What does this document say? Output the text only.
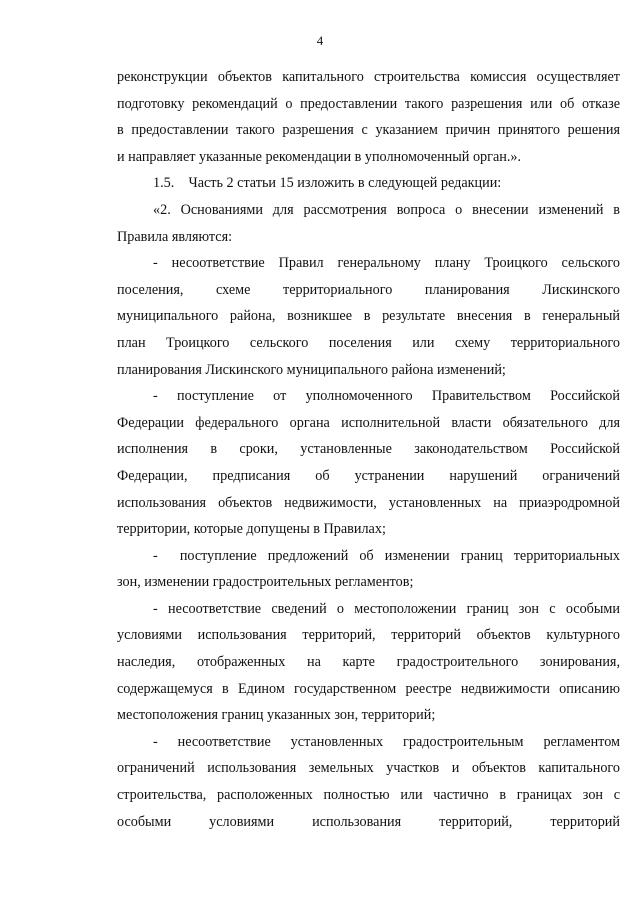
4
реконструкции объектов капитального строительства комиссия осуществляет
подготовку рекомендаций о предоставлении такого разрешения или об отказе
в предоставлении такого разрешения с указанием причин принятого решения
и направляет указанные рекомендации в уполномоченный орган.».
1.5.    Часть 2 статьи 15 изложить в следующей редакции:
«2. Основаниями для рассмотрения вопроса о внесении изменений в
Правила являются:
- несоответствие Правил генеральному плану Троицкого сельского
поселения, схеме территориального планирования Лискинского
муниципального района, возникшее в результате внесения в генеральный
план Троицкого сельского поселения или схему территориального
планирования Лискинского муниципального района изменений;
- поступление от уполномоченного Правительством Российской
Федерации федерального органа исполнительной власти обязательного для
исполнения в сроки, установленные законодательством Российской
Федерации, предписания об устранении нарушений ограничений
использования объектов недвижимости, установленных на приаэродромной
территории, которые допущены в Правилах;
-  поступление предложений об изменении границ территориальных
зон, изменении градостроительных регламентов;
- несоответствие сведений о местоположении границ зон с особыми
условиями использования территорий, территорий объектов культурного
наследия, отображенных на карте градостроительного зонирования,
содержащемуся в Едином государственном реестре недвижимости описанию
местоположения границ указанных зон, территорий;
- несоответствие установленных градостроительным регламентом
ограничений использования земельных участков и объектов капитального
строительства, расположенных полностью или частично в границах зон с
особыми условиями использования территорий, территорий
